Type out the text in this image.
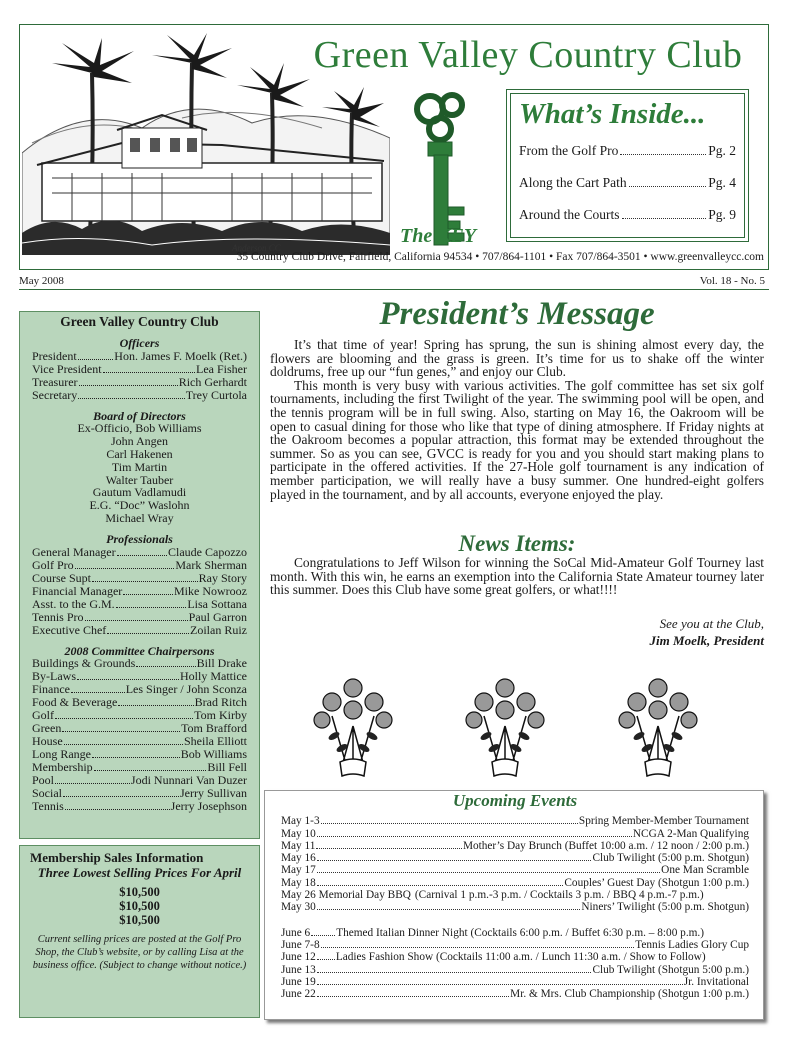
Anderson CC
Green Valley Country Club
The KEY
What’s Inside...
From the Golf Pro	Pg. 2
Along the Cart Path	Pg. 4
Around the Courts	Pg. 9
35 Country Club Drive, Fairfield, California 94534 • 707/864-1101 • Fax 707/864-3501 • www.greenvalleycc.com
May 2008	Vol. 18 - No. 5
Green Valley Country Club
Officers
President	Hon. James F. Moelk (Ret.)
Vice President	Lea Fisher
Treasurer	Rich Gerhardt
Secretary	Trey Curtola
Board of Directors
Ex-Officio, Bob Williams
John Angen
Carl Hakenen
Tim Martin
Walter Tauber
Gautum Vadlamudi
E.G. “Doc” Waslohn
Michael Wray
Professionals
General Manager	Claude Capozzo
Golf Pro	Mark Sherman
Course Supt	Ray Story
Financial Manager	Mike Nowrooz
Asst. to the G.M.	Lisa Sottana
Tennis Pro	Paul Garron
Executive Chef	Zoilan Ruiz
2008 Committee Chairpersons
Buildings & Grounds	Bill Drake
By-Laws	Holly Mattice
Finance	Les Singer / John Sconza
Food & Beverage	Brad Ritch
Golf	Tom Kirby
Green	Tom Brafford
House	Sheila Elliott
Long Range	Bob Williams
Membership	Bill Fell
Pool	Jodi Nunnari Van Duzer
Social	Jerry Sullivan
Tennis	Jerry Josephson
Membership Sales Information
Three Lowest Selling Prices For April
$10,500
$10,500
$10,500
Current selling prices are posted at the Golf Pro Shop, the Club’s website, or by calling Lisa at the business office. (Subject to change without notice.)
President’s Message

It’s that time of year! Spring has sprung, the sun is shining almost every day, the flowers are blooming and the grass is green. It’s time for us to shake off the winter doldrums, free up our “fun genes,” and enjoy our Club.

This month is very busy with various activities. The golf committee has set six golf tournaments, including the first Twilight of the year. The swimming pool will be open, and the tennis program will be in full swing. Also, starting on May 16, the Oakroom will be open to casual dining for those who like that type of dining atmosphere. If Friday nights at the Oakroom becomes a popular attraction, this format may be extended throughout the summer. So as you can see, GVCC is ready for you and you should start making plans to participate in the offered activities. If the 27-Hole golf tournament is any indication of member participation, we will really have a busy summer. One hundred-eight golfers played in the tournament, and by all accounts, everyone enjoyed the play.

News Items:

Congratulations to Jeff Wilson for winning the SoCal Mid-Amateur Golf Tourney last month. With this win, he earns an exemption into the California State Amateur tourney later this summer. Does this Club have some great golfers, or what!!!!

See you at the Club,
Jim Moelk, President
Upcoming Events
May 1-3	Spring Member-Member Tournament
May 10	NCGA 2-Man Qualifying
May 11	Mother’s Day Brunch (Buffet 10:00 a.m. / 12 noon / 2:00 p.m.)
May 16	Club Twilight (5:00 p.m. Shotgun)
May 17	One Man Scramble
May 18	Couples’ Guest Day (Shotgun 1:00 p.m.)
May 26 Memorial Day BBQ (Carnival 1 p.m.-3 p.m. / Cocktails 3 p.m. / BBQ 4 p.m.-7 p.m.)
May 30	Niners’ Twilight (5:00 p.m. Shotgun)
June 6 Themed Italian Dinner Night (Cocktails 6:00 p.m. / Buffet 6:30 p.m. – 8:00 p.m.)
June 7-8	Tennis Ladies Glory Cup
June 12 Ladies Fashion Show (Cocktails 11:00 a.m. / Lunch 11:30 a.m. / Show to Follow)
June 13	Club Twilight (Shotgun 5:00 p.m.)
June 19	Jr. Invitational
June 22	Mr. & Mrs. Club Championship (Shotgun 1:00 p.m.)
